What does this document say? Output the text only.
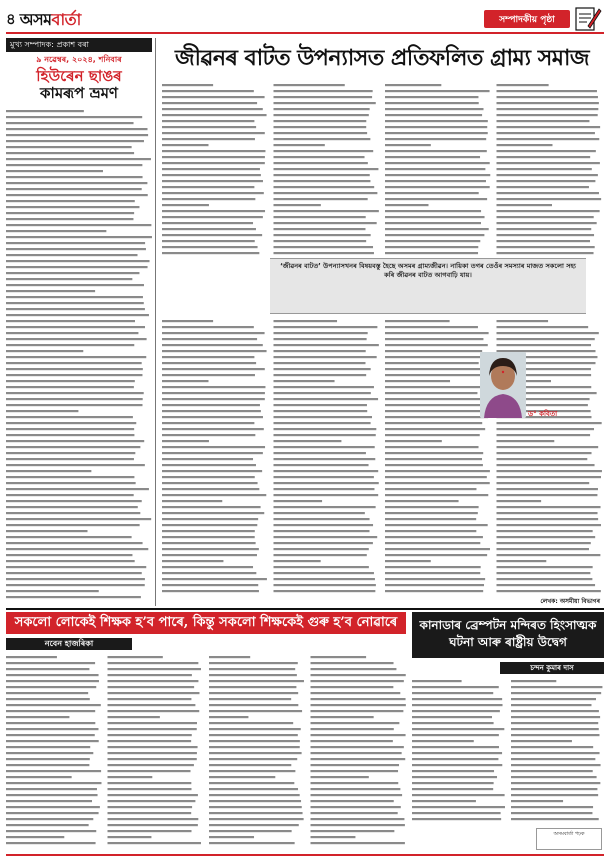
৪ অসমবাৰ্তা	সম্পাদকীয় পৃষ্ঠা
মুখ্য সম্পাদক: প্ৰকাশ বৰা
৯ নৱেম্বৰ, ২০২৪, শনিবাৰ
হিউৰেন ছাঙৰ
কামৰূপ ভ্ৰমণ
জীৱনৰ বাটত উপন্যাসত প্ৰতিফলিত গ্ৰাম্য সমাজ
‘জীৱনৰ বাটত’ উপন্যাসখনৰ বিষয়বস্তু হৈছে অসমৰ গ্ৰাম্যজীৱন। নায়িকা তগৰ তেওঁৰ সমস্যাৰ মাজত সকলো সহ্য কৰি জীৱনৰ বাটত আগবাঢ়ি যায়।
ড° কবিতা
লেখক: অসমীয়া বিভাগৰ
সকলো লোকেই শিক্ষক হ’ব পাৰে, কিন্তু সকলো শিক্ষকেই গুৰু হ’ব নোৱাৰে
নবেন হাজৰিকা
কানাডাৰ ব্ৰেম্পটন মন্দিৰত হিংসাত্মক ঘটনা আৰু ৰাষ্ট্ৰীয় উদ্বেগ
চন্দন কুমাৰ দাস
অসমবাৰ্তা পঢ়ক
